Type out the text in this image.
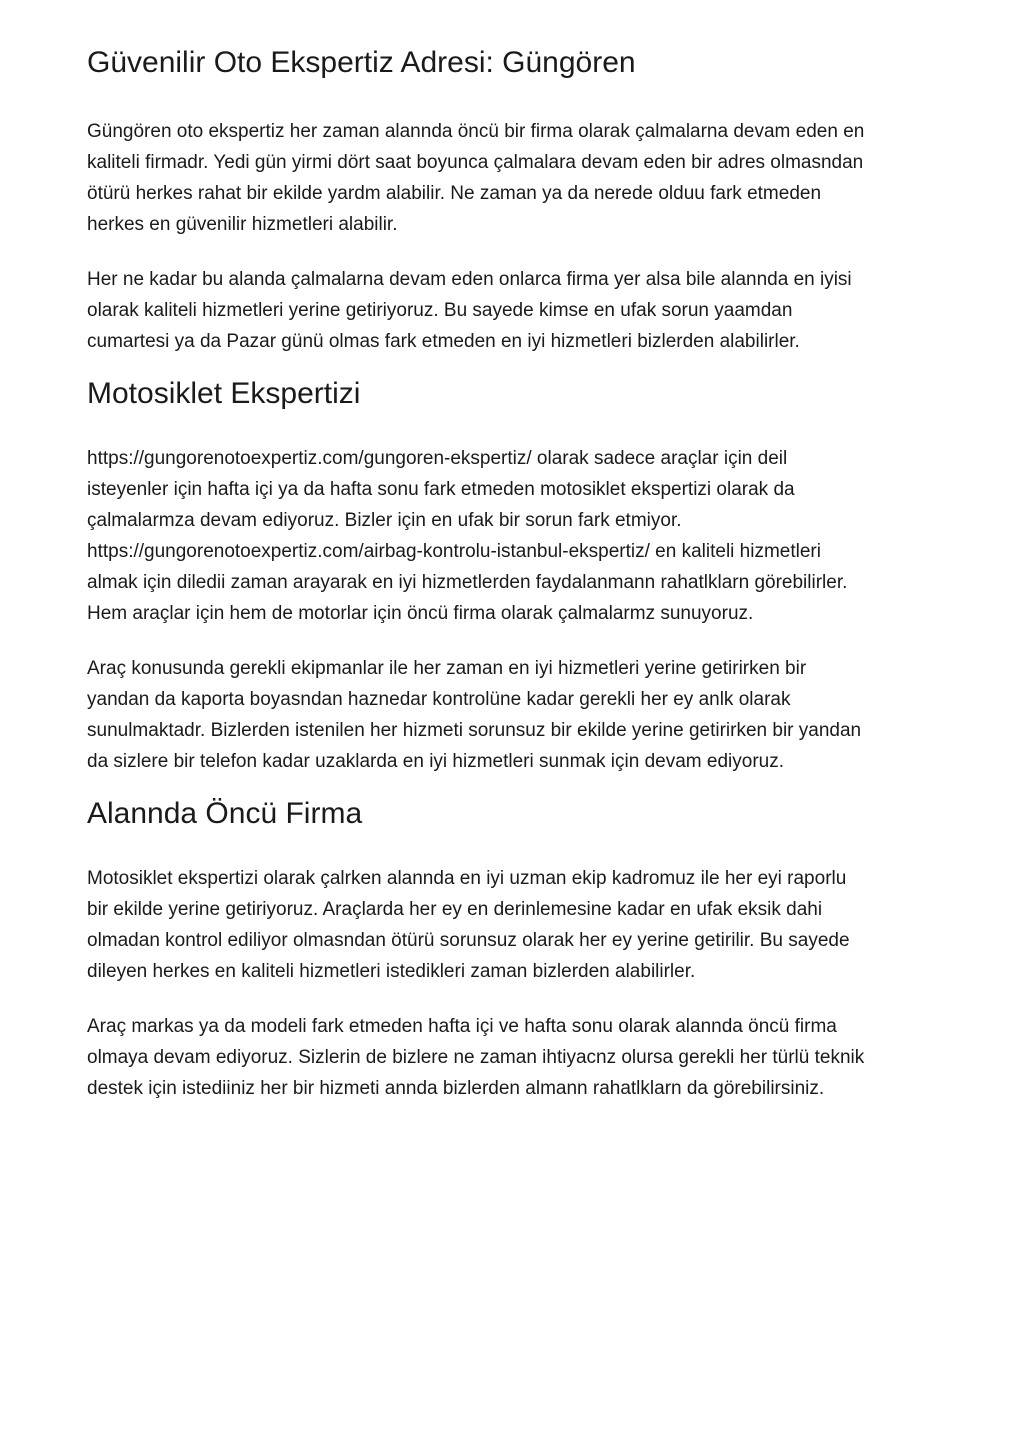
Güvenilir Oto Ekspertiz Adresi: Güngören

Güngören oto ekspertiz her zaman alannda öncü bir firma olarak çalmalarna devam eden en
kaliteli firmadr. Yedi gün yirmi dört saat boyunca çalmalara devam eden bir adres olmasndan
ötürü herkes rahat bir ekilde yardm alabilir. Ne zaman ya da nerede olduu fark etmeden
herkes en güvenilir hizmetleri alabilir.

Her ne kadar bu alanda çalmalarna devam eden onlarca firma yer alsa bile alannda en iyisi
olarak kaliteli hizmetleri yerine getiriyoruz. Bu sayede kimse en ufak sorun yaamdan
cumartesi ya da Pazar günü olmas fark etmeden en iyi hizmetleri bizlerden alabilirler.

Motosiklet Ekspertizi

https://gungorenotoexpertiz.com/gungoren-ekspertiz/ olarak sadece araçlar için deil
isteyenler için hafta içi ya da hafta sonu fark etmeden motosiklet ekspertizi olarak da
çalmalarmza devam ediyoruz. Bizler için en ufak bir sorun fark etmiyor.
https://gungorenotoexpertiz.com/airbag-kontrolu-istanbul-ekspertiz/ en kaliteli hizmetleri
almak için diledii zaman arayarak en iyi hizmetlerden faydalanmann rahatlklarn görebilirler.
Hem araçlar için hem de motorlar için öncü firma olarak çalmalarmz sunuyoruz.

Araç konusunda gerekli ekipmanlar ile her zaman en iyi hizmetleri yerine getirirken bir
yandan da kaporta boyasndan haznedar kontrolüne kadar gerekli her ey anlk olarak
sunulmaktadr. Bizlerden istenilen her hizmeti sorunsuz bir ekilde yerine getirirken bir yandan
da sizlere bir telefon kadar uzaklarda en iyi hizmetleri sunmak için devam ediyoruz.

Alannda Öncü Firma

Motosiklet ekspertizi olarak çalrken alannda en iyi uzman ekip kadromuz ile her eyi raporlu
bir ekilde yerine getiriyoruz. Araçlarda her ey en derinlemesine kadar en ufak eksik dahi
olmadan kontrol ediliyor olmasndan ötürü sorunsuz olarak her ey yerine getirilir. Bu sayede
dileyen herkes en kaliteli hizmetleri istedikleri zaman bizlerden alabilirler.

Araç markas ya da modeli fark etmeden hafta içi ve hafta sonu olarak alannda öncü firma
olmaya devam ediyoruz. Sizlerin de bizlere ne zaman ihtiyacnz olursa gerekli her türlü teknik
destek için istediiniz her bir hizmeti annda bizlerden almann rahatlklarn da görebilirsiniz.
